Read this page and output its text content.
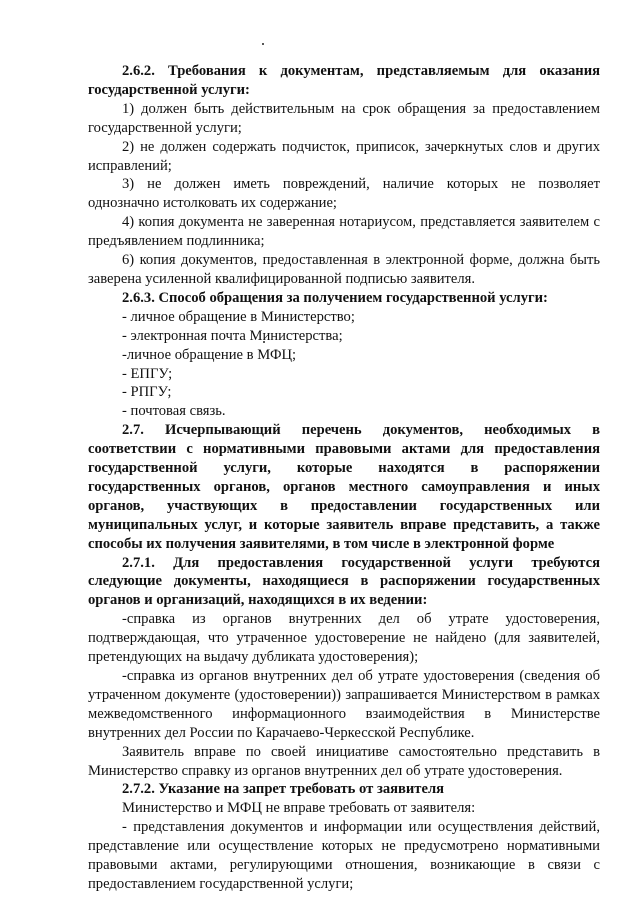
2.6.2. Требования к документам, представляемым для оказания государственной услуги:

1) должен быть действительным на срок обращения за предоставлением государственной услуги;

2) не должен содержать подчисток, приписок, зачеркнутых слов и других исправлений;

3) не должен иметь повреждений, наличие которых не позволяет однозначно истолковать их содержание;

4) копия документа не заверенная нотариусом, представляется заявителем с предъявлением подлинника;

6) копия документов, предоставленная в электронной форме, должна быть заверена усиленной квалифицированной подписью заявителя.

2.6.3. Способ обращения за получением государственной услуги:

- личное обращение в Министерство;

- электронная почта Министерства;

-личное обращение в МФЦ;

- ЕПГУ;

- РПГУ;

- почтовая связь.

2.7. Исчерпывающий перечень документов, необходимых в соответствии с нормативными правовыми актами для предоставления государственной услуги, которые находятся в распоряжении государственных органов, органов местного самоуправления и иных органов, участвующих в предоставлении государственных или муниципальных услуг, и которые заявитель вправе представить, а также способы их получения заявителями, в том числе в электронной форме

2.7.1. Для предоставления государственной услуги требуются следующие документы, находящиеся в распоряжении государственных органов и организаций, находящихся в их ведении:

-справка из органов внутренних дел об утрате удостоверения, подтверждающая, что утраченное удостоверение не найдено (для заявителей, претендующих на выдачу дубликата удостоверения);

-справка из органов внутренних дел об утрате удостоверения (сведения об утраченном документе (удостоверении)) запрашивается Министерством в рамках межведомственного информационного взаимодействия в Министерстве внутренних дел России по Карачаево-Черкесской Республике.

Заявитель вправе по своей инициативе самостоятельно представить в Министерство справку из органов внутренних дел об утрате удостоверения.

2.7.2. Указание на запрет требовать от заявителя

Министерство и МФЦ не вправе требовать от заявителя:

- представления документов и информации или осуществления действий, представление или осуществление которых не предусмотрено нормативными правовыми актами, регулирующими отношения, возникающие в связи с предоставлением государственной услуги;
